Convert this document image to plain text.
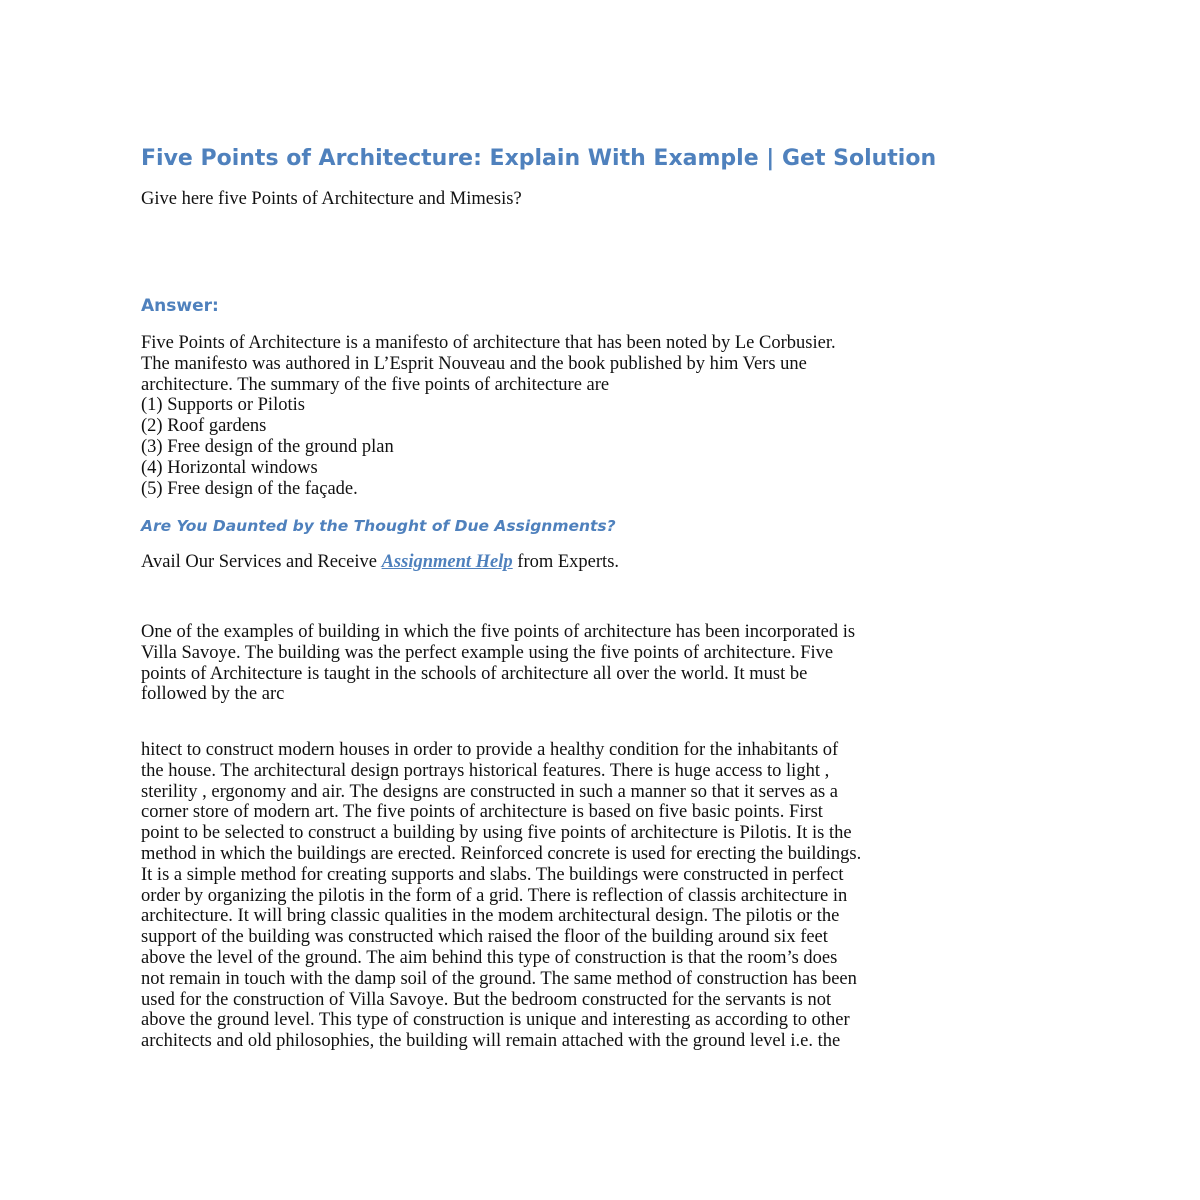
Five Points of Architecture: Explain With Example | Get Solution

Give here five Points of Architecture and Mimesis?

Answer:

Five Points of Architecture is a manifesto of architecture that has been noted by Le Corbusier.
The manifesto was authored in L’Esprit Nouveau and the book published by him Vers une
architecture. The summary of the five points of architecture are

(1) Supports or Pilotis
(2) Roof gardens
(3) Free design of the ground plan
(4) Horizontal windows
(5) Free design of the façade.
Are You Daunted by the Thought of Due Assignments?

Avail Our Services and Receive Assignment Help from Experts.

One of the examples of building in which the five points of architecture has been incorporated is
Villa Savoye. The building was the perfect example using the five points of architecture. Five
points of Architecture is taught in the schools of architecture all over the world. It must be
followed by the arc

hitect to construct modern houses in order to provide a healthy condition for the inhabitants of
the house. The architectural design portrays historical features. There is huge access to light ,
sterility , ergonomy and air. The designs are constructed in such a manner so that it serves as a
corner store of modern art. The five points of architecture is based on five basic points. First
point to be selected to construct a building by using five points of architecture is Pilotis. It is the
method in which the buildings are erected. Reinforced concrete is used for erecting the buildings.
It is a simple method for creating supports and slabs. The buildings were constructed in perfect
order by organizing the pilotis in the form of a grid. There is reflection of classis architecture in
architecture. It will bring classic qualities in the modem architectural design. The pilotis or the
support of the building was constructed which raised the floor of the building around six feet
above the level of the ground. The aim behind this type of construction is that the room’s does
not remain in touch with the damp soil of the ground. The same method of construction has been
used for the construction of Villa Savoye. But the bedroom constructed for the servants is not
above the ground level. This type of construction is unique and interesting as according to other
architects and old philosophies, the building will remain attached with the ground level i.e. the
